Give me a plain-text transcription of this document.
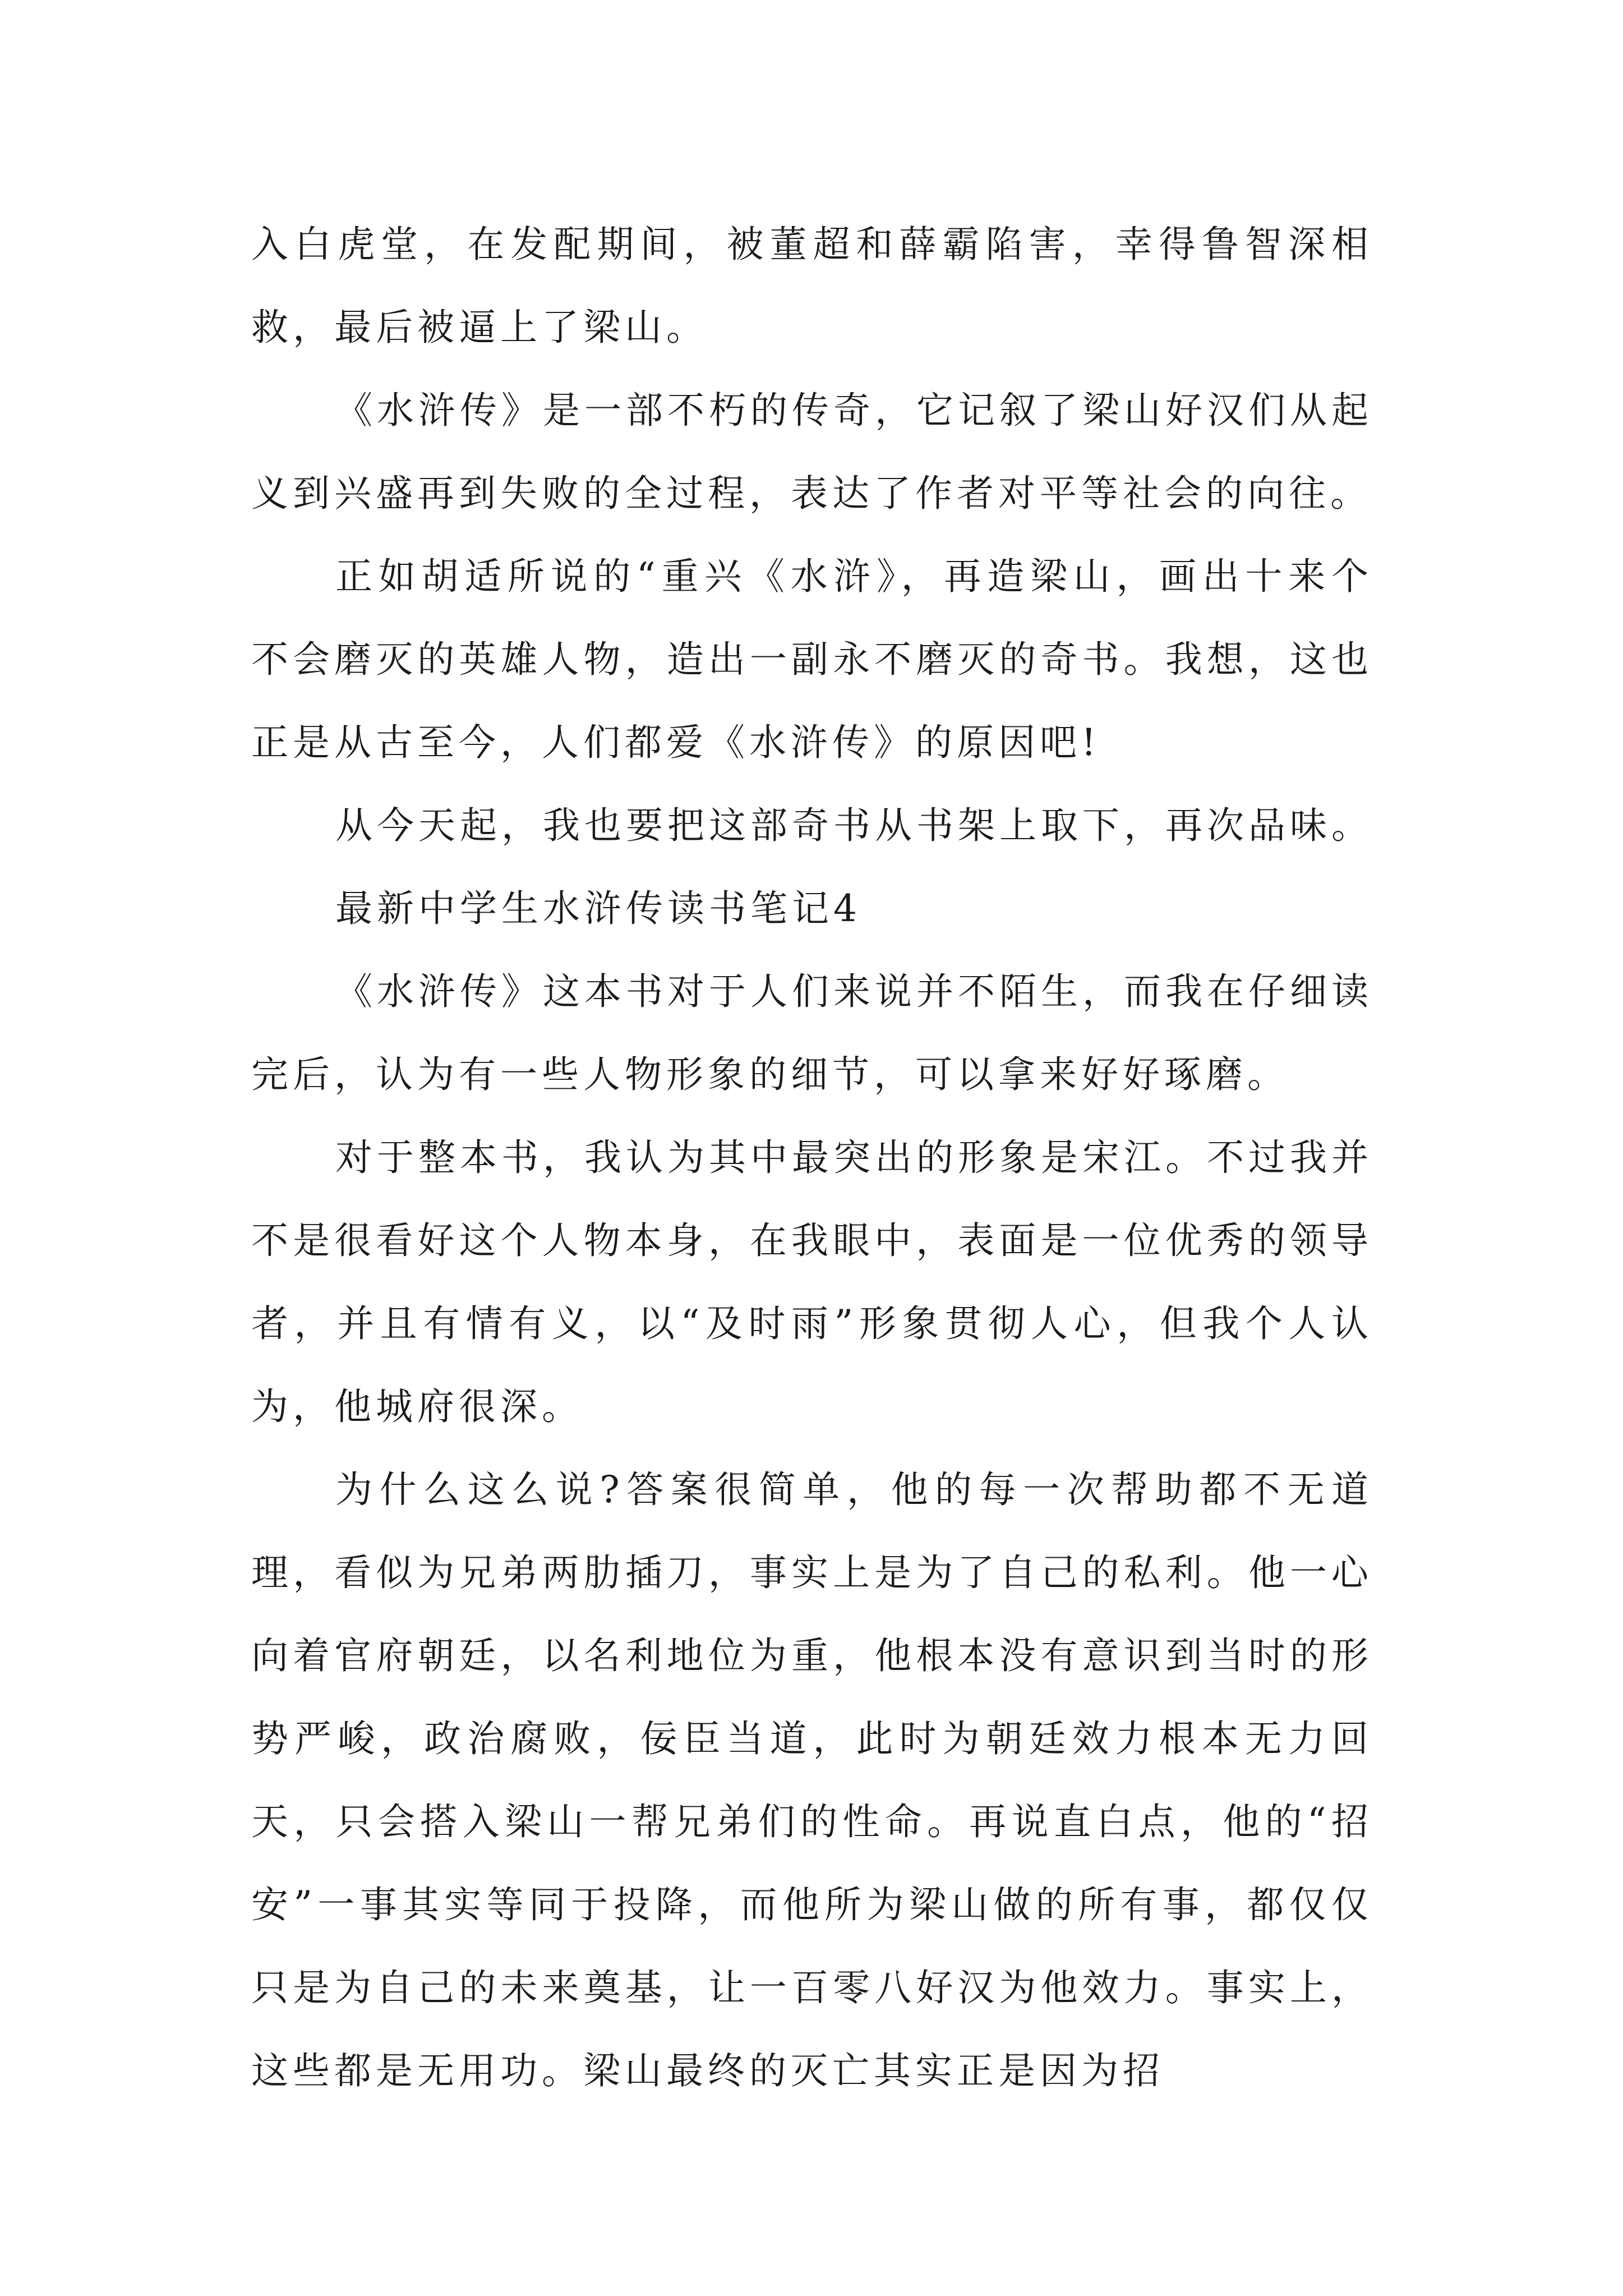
入白虎堂，在发配期间，被董超和薛霸陷害，幸得鲁智深相救，最后被逼上了梁山。

《水浒传》是一部不朽的传奇，它记叙了梁山好汉们从起义到兴盛再到失败的全过程，表达了作者对平等社会的向往。

正如胡适所说的“重兴《水浒》，再造梁山，画出十来个不会磨灭的英雄人物，造出一副永不磨灭的奇书。我想，这也正是从古至今，人们都爱《水浒传》的原因吧!

从今天起，我也要把这部奇书从书架上取下，再次品味。

最新中学生水浒传读书笔记4

《水浒传》这本书对于人们来说并不陌生，而我在仔细读完后，认为有一些人物形象的细节，可以拿来好好琢磨。

对于整本书，我认为其中最突出的形象是宋江。不过我并不是很看好这个人物本身，在我眼中，表面是一位优秀的领导者，并且有情有义，以“及时雨”形象贯彻人心，但我个人认为，他城府很深。

为什么这么说?答案很简单，他的每一次帮助都不无道理，看似为兄弟两肋插刀，事实上是为了自己的私利。他一心向着官府朝廷，以名利地位为重，他根本没有意识到当时的形势严峻，政治腐败，佞臣当道，此时为朝廷效力根本无力回天，只会搭入梁山一帮兄弟们的性命。再说直白点，他的“招安”一事其实等同于投降，而他所为梁山做的所有事，都仅仅只是为自己的未来奠基，让一百零八好汉为他效力。事实上，这些都是无用功。梁山最终的灭亡其实正是因为招
